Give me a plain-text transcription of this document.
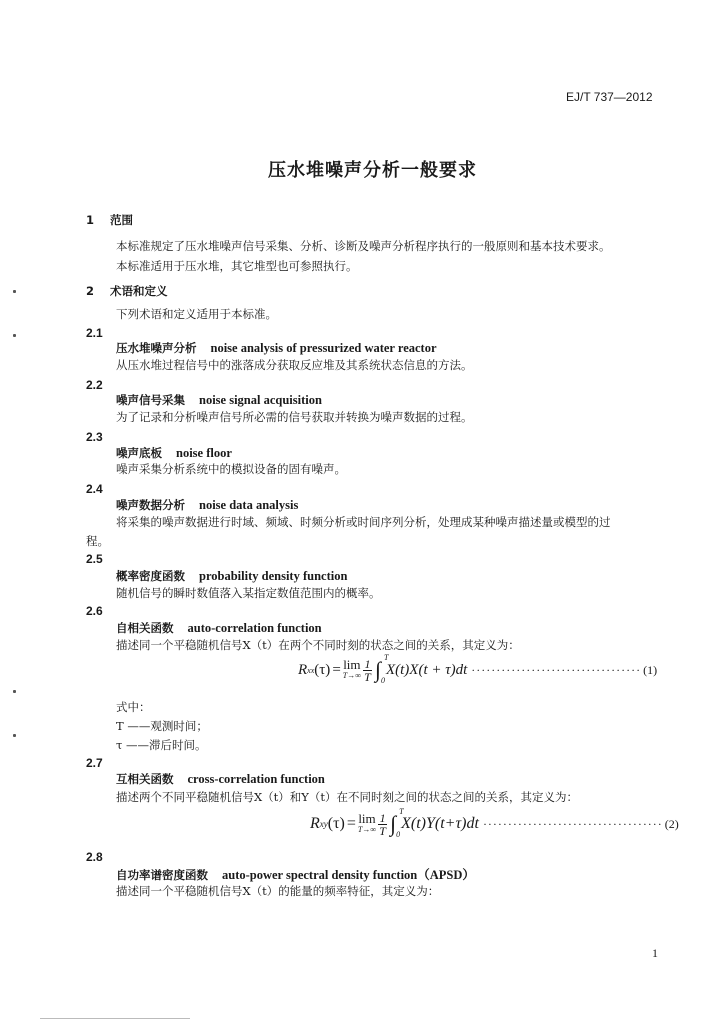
EJ/T 737—2012
压水堆噪声分析一般要求
1 范围
本标准规定了压水堆噪声信号采集、分析、诊断及噪声分析程序执行的一般原则和基本技术要求。
本标准适用于压水堆，其它堆型也可参照执行。
2 术语和定义
下列术语和定义适用于本标准。
2.1
压水堆噪声分析 noise analysis of pressurized water reactor
从压水堆过程信号中的涨落成分获取反应堆及其系统状态信息的方法。
2.2
噪声信号采集 noise signal acquisition
为了记录和分析噪声信号所必需的信号获取并转换为噪声数据的过程。
2.3
噪声底板 noise floor
噪声采集分析系统中的模拟设备的固有噪声。
2.4
噪声数据分析 noise data analysis
将采集的噪声数据进行时域、频域、时频分析或时间序列分析，处理成某种噪声描述量或模型的过
程。
2.5
概率密度函数 probability density function
随机信号的瞬时数值落入某指定数值范围内的概率。
2.6
自相关函数 auto-correlation function
描述同一个平稳随机信号X（t）在两个不同时刻的状态之间的关系，其定义为：
R xx (τ) = lim
$T\to\infty \frac{1}{T}$ ∫ T
0
X(t)X(t + τ)dt ·································· (1)
式中：
T ——观测时间；
τ ——滞后时间。
2.7
互相关函数 cross-correlation function
描述两个不同平稳随机信号X（t）和Y（t）在不同时刻之间的状态之间的关系，其定义为：
R xy (τ) = lim
$T\to\infty \frac{1}{T}$ ∫ T
0
X(t)Y(t+τ)dt ···································· (2)
2.8
自功率谱密度函数 auto-power spectral density function（APSD）
描述同一个平稳随机信号X（t）的能量的频率特征，其定义为：
1
